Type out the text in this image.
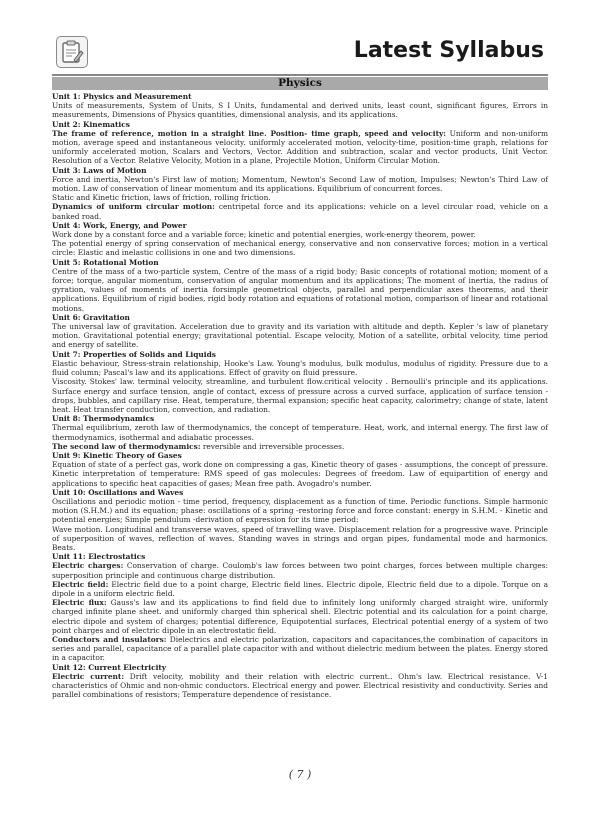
Latest Syllabus
Physics

Unit 1: Physics and Measurement

Units of measurements, System of Units, S I Units, fundamental and derived units, least count, significant figures, Errors in measurements, Dimensions of Physics quantities, dimensional analysis, and its applications.

Unit 2: Kinematics

The frame of reference, motion in a straight line. Position- time graph, speed and velocity: Uniform and non-uniform motion, average speed and instantaneous velocity. uniformly accelerated motion, velocity-time, position-time graph, relations for uniformly accelerated motion, Scalars and Vectors, Vector. Addition and subtraction, scalar and vector products, Unit Vector. Resolution of a Vector. Relative Velocity, Motion in a plane, Projectile Motion, Uniform Circular Motion.

Unit 3: Laws of Motion

Force and inertia, Newton's First law of motion; Momentum, Newton's Second Law of motion, Impulses; Newton's Third Law of motion. Law of conservation of linear momentum and its applications. Equilibrium of concurrent forces.

Static and Kinetic friction, laws of friction, rolling friction.

Dynamics of uniform circular motion: centripetal force and its applications: vehicle on a level circular road, vehicle on a banked road.

Unit 4: Work, Energy, and Power

Work done by a constant force and a variable force; kinetic and potential energies, work-energy theorem, power.

The potential energy of spring conservation of mechanical energy, conservative and non conservative forces; motion in a vertical circle: Elastic and inelastic collisions in one and two dimensions.

Unit 5: Rotational Motion

Centre of the mass of a two-particle system, Centre of the mass of a rigid body; Basic concepts of rotational motion; moment of a force; torque, angular momentum, conservation of angular momentum and its applications; The moment of inertia, the radius of gyration, values of moments of inertia forsimple geometrical objects, parallel and perpendicular axes theorems, and their applications. Equilibrium of rigid bodies, rigid body rotation and equations of rotational motion, comparison of linear and rotational motions.

Unit 6: Gravitation

The universal law of gravitation. Acceleration due to gravity and its variation with altitude and depth. Kepler 's law of planetary motion. Gravitational potential energy; gravitational potential. Escape velocity, Motion of a satellite, orbital velocity, time period and energy of satellite.

Unit 7: Properties of Solids and Liquids

Elastic behaviour, Stress-strain relationship, Hooke's Law. Young's modulus, bulk modulus, modulus of rigidity. Pressure due to a fluid column; Pascal's law and its applications. Effect of gravity on fluid pressure.

Viscosity. Stokes' law. terminal velocity, streamline, and turbulent flow.critical velocity . Bernoulli's principle and its applications. Surface energy and surface tension, angle of contact, excess of pressure across a curved surface, application of surface tension - drops, bubbles, and capillary rise. Heat, temperature, thermal expansion; specific heat capacity, calorimetry; change of state, latent heat. Heat transfer conduction, convection, and radiation.

Unit 8: Thermodynamics

Thermal equilibrium, zeroth law of thermodynamics, the concept of temperature. Heat, work, and internal energy. The first law of thermodynamics, isothermal and adiabatic processes.

The second law of thermodynamics: reversible and irreversible processes.

Unit 9: Kinetic Theory of Gases

Equation of state of a perfect gas, work done on compressing a gas, Kinetic theory of gases - assumptions, the concept of pressure. Kinetic interpretation of temperature: RMS speed of gas molecules: Degrees of freedom. Law of equipartition of energy and applications to specific heat capacities of gases; Mean free path. Avogadro's number.

Unit 10: Oscillations and Waves

Oscillations and periodic motion - time period, frequency, displacement as a function of time. Periodic functions. Simple harmonic motion (S.H.M.) and its equation; phase: oscillations of a spring -restoring force and force constant: energy in S.H.M. - Kinetic and potential energies; Simple pendulum -derivation of expression for its time period:

Wave motion. Longitudinal and transverse waves, speed of travelling wave. Displacement relation for a progressive wave. Principle of superposition of waves, reflection of waves. Standing waves in strings and organ pipes, fundamental mode and harmonics. Beats.

Unit 11: Electrostatics

Electric charges: Conservation of charge. Coulomb's law forces between two point charges, forces between multiple charges: superposition principle and continuous charge distribution.

Electric field: Electric field due to a point charge, Electric field lines. Electric dipole, Electric field due to a dipole. Torque on a dipole in a uniform electric field.

Electric flux: Gauss's law and its applications to find field due to infinitely long uniformly charged straight wire, uniformly charged infinite plane sheet. and uniformly charged thin spherical shell. Electric potential and its calculation for a point charge, electric dipole and system of charges; potential difference, Equipotential surfaces, Electrical potential energy of a system of two point charges and of electric dipole in an electrostatic field.

Conductors and insulators: Dielectrics and electric polarization, capacitors and capacitances,the combination of capacitors in series and parallel, capacitance of a parallel plate capacitor with and without dielectric medium between the plates. Energy stored in a capacitor.

Unit 12: Current Electricity

Electric current: Drift velocity, mobility and their relation with electric current.. Ohm's law. Electrical resistance. V-1 characteristics of Ohmic and non-ohmic conductors. Electrical energy and power. Electrical resistivity and conductivity. Series and parallel combinations of resistors; Temperature dependence of resistance.

( 7 )
